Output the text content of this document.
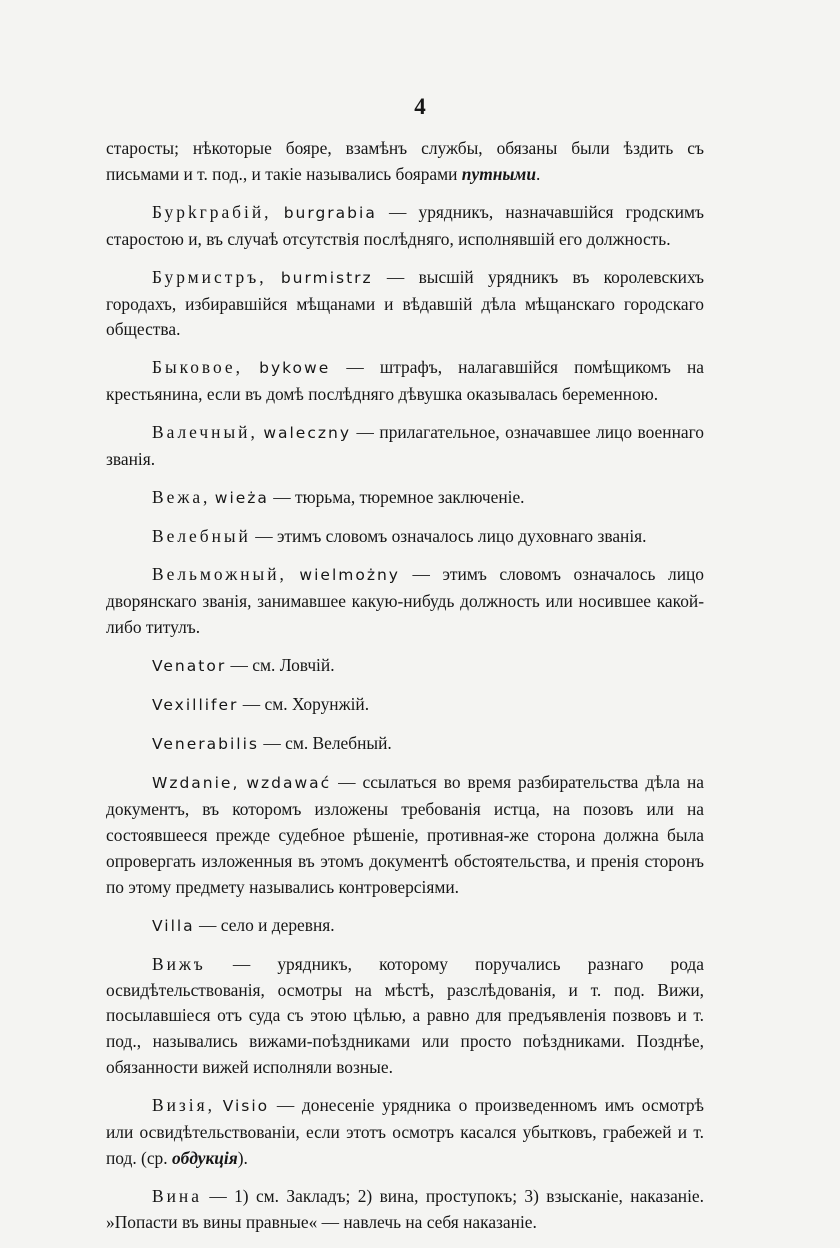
4

старосты; нѣкоторые бояре, взамѣнъ службы, обязаны были ѣздить съ письмами и т. под., и такіе назывались боярами путными.

Бурkграбій, burgrabia — урядникъ, назначавшійся гродскимъ старостою и, въ случаѣ отсутствія послѣдняго, исполнявшій его должность.

Бурмистръ, burmistrz — высшій урядникъ въ королевскихъ городахъ, избиравшійся мѣщанами и вѣдавшій дѣла мѣщанскаго городскаго общества.

Быковое, bykowe — штрафъ, налагавшійся помѣщикомъ на крестьянина, если въ домѣ послѣдняго дѣвушка оказывалась беременною.

Валечный, waleczny — прилагательное, означавшее лицо военнаго званія.

Вежа, wieża — тюрьма, тюремное заключеніе.

Велебный — этимъ словомъ означалось лицо духовнаго званія.

Вельможный, wielmożny — этимъ словомъ означалось лицо дворянскаго званія, занимавшее какую-нибудь должность или носившее какой-либо титулъ.

Venator — см. Ловчій.

Vexillifer — см. Хорунжій.

Venerabilis — см. Велебный.

Wzdanie, wzdawać — ссылаться во время разбирательства дѣла на документъ, въ которомъ изложены требованія истца, на позовъ или на состоявшееся прежде судебное рѣшеніе, противная-же сторона должна была опровергать изложенныя въ этомъ документѣ обстоятельства, и пренія сторонъ по этому предмету назывались контроверсіями.

Villa — село и деревня.

Вижъ — урядникъ, которому поручались разнаго рода освидѣтельствованія, осмотры на мѣстѣ, разслѣдованія, и т. под. Вижи, посылавшіеся отъ суда съ этою цѣлью, а равно для предъявленія позвовъ и т. под., назывались вижами-поѣздниками или просто поѣздниками. Позднѣе, обязанности вижей исполняли возные.

Визія, Visio — донесеніе урядника о произведенномъ имъ осмотрѣ или освидѣтельствованіи, если этотъ осмотръ касался убытковъ, грабежей и т. под. (ср. обдукція).

Вина — 1) см. Закладъ; 2) вина, проступокъ; 3) взысканіе, наказаніе. »Попасти въ вины правные« — навлечь на себя наказаніе.
